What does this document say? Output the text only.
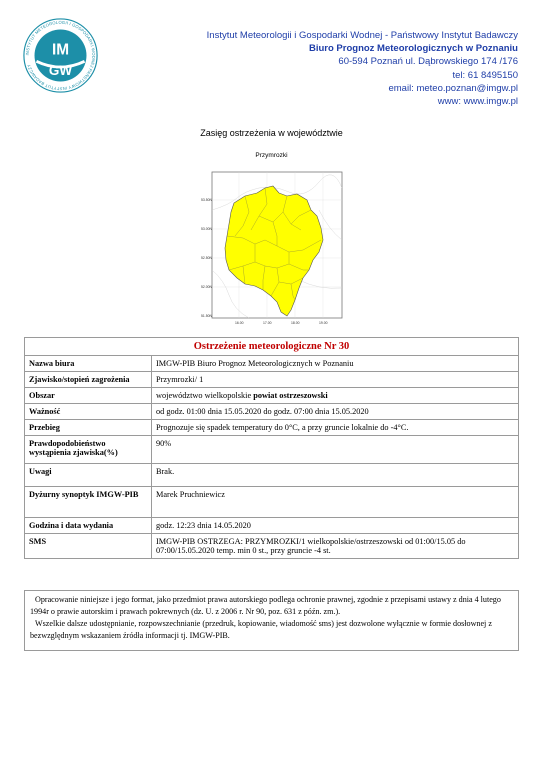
INSTYTUT METEOROLOGII I GOSPODARKI WODNEJ PAŃSTWOWY INSTYTUT BADAWCZY
IM
GW
Instytut Meteorologii i Gospodarki Wodnej - Państwowy Instytut Badawczy
Biuro Prognoz Meteorologicznych w Poznaniu
60-594 Poznań ul. Dąbrowskiego 174 /176
tel: 61 8495150
email: meteo.poznan@imgw.pl
www: www.imgw.pl
Zasięg ostrzeżenia w województwie
Przymrozki
53.50N
53.00N
52.50N
52.00N
51.50N
16.00	17.00	18.00	19.00
Ostrzeżenie meteorologiczne Nr 30	
Nazwa biura	IMGW-PIB Biuro Prognoz Meteorologicznych w Poznaniu
Zjawisko/stopień zagrożenia	Przymrozki/ 1
Obszar	województwo wielkopolskie powiat ostrzeszowski
Ważność	od godz. 01:00 dnia 15.05.2020 do godz. 07:00 dnia 15.05.2020
Przebieg	Prognozuje się spadek temperatury do 0°C, a przy gruncie lokalnie do -4°C.
Prawdopodobieństwo wystąpienia zjawiska(%)	90%
Uwagi	Brak.
Dyżurny synoptyk IMGW-PIB	Marek Pruchniewicz
Godzina i data wydania	godz. 12:23 dnia 14.05.2020
SMS	IMGW-PIB OSTRZEGA: PRZYMROZKI/1 wielkopolskie/ostrzeszowski od 01:00/15.05 do 07:00/15.05.2020 temp. min 0 st., przy gruncie -4 st.

Opracowanie niniejsze i jego format, jako przedmiot prawa autorskiego podlega ochronie prawnej, zgodnie z przepisami ustawy z dnia 4 lutego 1994r o prawie autorskim i prawach pokrewnych (dz. U. z 2006 r. Nr 90, poz. 631 z późn. zm.).

Wszelkie dalsze udostępnianie, rozpowszechnianie (przedruk, kopiowanie, wiadomość sms) jest dozwolone wyłącznie w formie dosłownej z bezwzględnym wskazaniem źródła informacji tj. IMGW-PIB.
